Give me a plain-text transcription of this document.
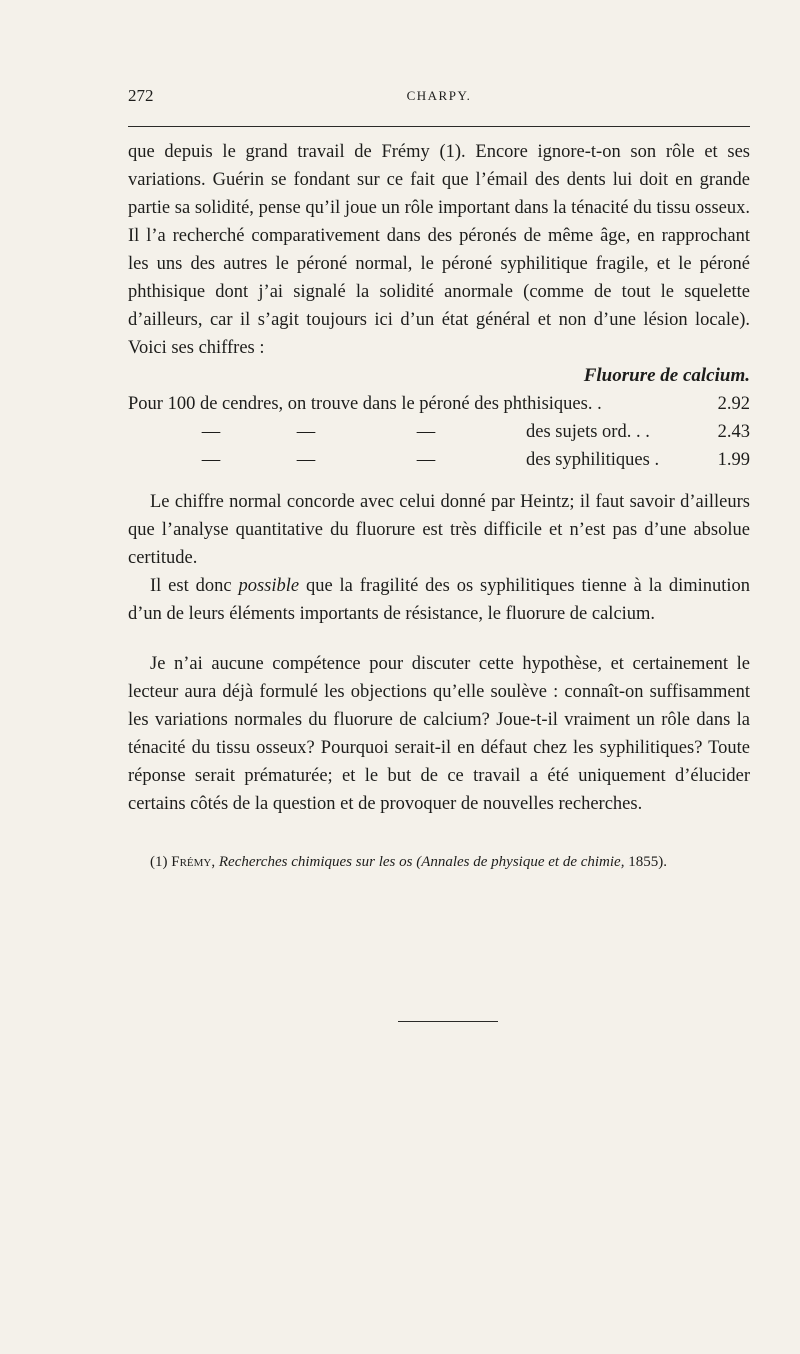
272	CHARPY.

que depuis le grand travail de Frémy (1). Encore ignore-t-on son rôle et ses variations. Guérin se fondant sur ce fait que l’émail des dents lui doit en grande partie sa solidité, pense qu’il joue un rôle important dans la ténacité du tissu osseux. Il l’a recherché comparativement dans des péronés de même âge, en rapprochant les uns des autres le péroné normal, le péroné syphilitique fragile, et le péroné phthisique dont j’ai signalé la solidité anormale (comme de tout le squelette d’ailleurs, car il s’agit toujours ici d’un état général et non d’une lésion locale). Voici ses chiffres :

Fluorure de calcium.
Pour 100 de cendres, on trouve dans le péroné des phthisiques. .	2.92
—	—	—	des sujets ord. . .	2.43
—	—	—	des syphilitiques .	1.99

Le chiffre normal concorde avec celui donné par Heintz; il faut savoir d’ailleurs que l’analyse quantitative du fluorure est très difficile et n’est pas d’une absolue certitude.

Il est donc possible que la fragilité des os syphilitiques tienne à la diminution d’un de leurs éléments importants de résistance, le fluorure de calcium.

Je n’ai aucune compétence pour discuter cette hypothèse, et certainement le lecteur aura déjà formulé les objections qu’elle soulève : connaît-on suffisamment les variations normales du fluorure de calcium? Joue-t-il vraiment un rôle dans la ténacité du tissu osseux? Pourquoi serait-il en défaut chez les syphilitiques? Toute réponse serait prématurée; et le but de ce travail a été uniquement d’élucider certains côtés de la question et de provoquer de nouvelles recherches.

(1) Frémy, Recherches chimiques sur les os (Annales de physique et de chimie, 1855).
